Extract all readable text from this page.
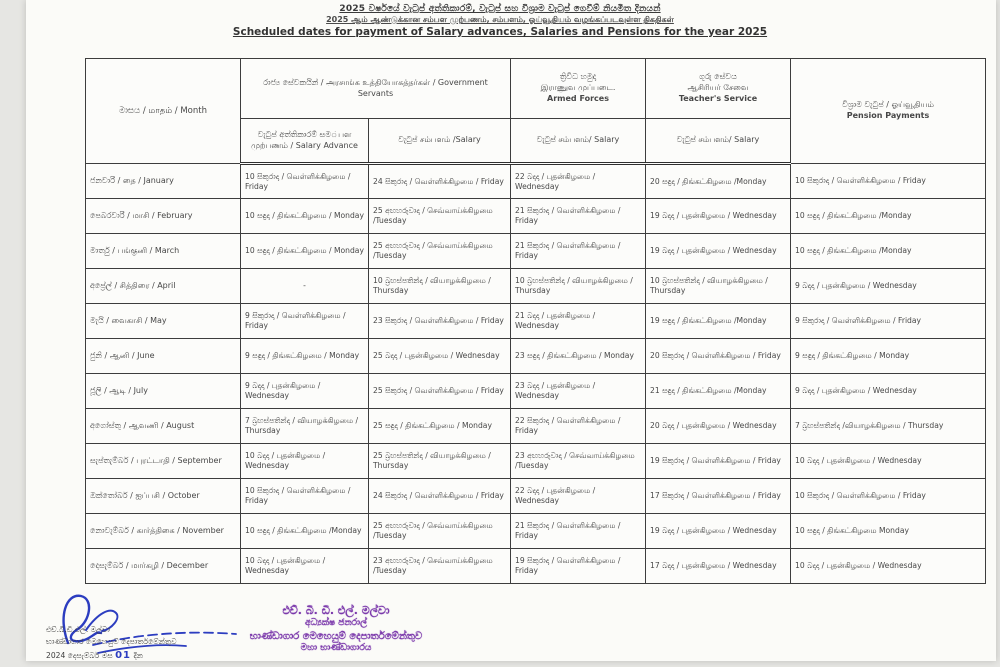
2025 වර්ෂයේ වැටුප් අත්තිකාරම්, වැටුප් සහ විශ්‍රාම වැටුප් ගෙවීම් නියමිත දිනයන්
2025 ஆம் ஆண்டுக்கான சம்பள முற்பணம், சம்பளம், ஓய்வூதியம் வழங்கப்படவுள்ள திகதிகள்
Scheduled dates for payment of Salary advances, Salaries and Pensions for the year 2025
මාසය / மாதம் / Month	රාජ්‍ය සේවකයින් / அரசாங்க உத்தியோகத்தர்கள் / Government Servants		ත්‍රිවිධ හමුදා
இராணுவ முப்படை.
Armed Forces	ගුරු සේවය
ஆசிரியர் சேவை
Teacher's Service	විශ්‍රාම වැටුප් / ஓய்வூதியம்
Pension Payments

	වැටුප් අත්තිකාරම් සම்பள முற்பணம் / Salary Advance	වැටුප් சம்பளம் /Salary	වැටුප් சம்பளம்/ Salary	වැටුප් சம்பளம்/ Salary	
ජනවාරි / தை / January	10 සිකුරාදා / வெள்ளிக்கிழமை / Friday	24 සිකුරාදා / வெள்ளிக்கிழமை / Friday	22 බදාදා / புதன்கிழமை / Wednesday	20 සඳුදා / திங்கட்கிழமை /Monday	10 සිකුරාදා / வெள்ளிக்கிழமை / Friday
පෙබරවාරි / மாசி / February	10 සඳුදා / திங்கட்கிழமை / Monday	25 අඟහරුවාදා / செவ்வாய்க்கிழமை /Tuesday	21 සිකුරාදා / வெள்ளிக்கிழமை / Friday	19 බදාදා / புதன்கிழமை / Wednesday	10 සඳුදා / திங்கட்கிழமை /Monday
මාර්තු / பங்குனி / March	10 සඳුදා / திங்கட்கிழமை / Monday	25 අඟහරුවාදා / செவ்வாய்க்கிழமை /Tuesday	21 සිකුරාදා / வெள்ளிக்கிழமை / Friday	19 බදාදා / புதன்கிழமை / Wednesday	10 සඳුදා / திங்கட்கிழமை /Monday
අප්‍රේල් / சித்திரை / April	-	10 බ්‍රහස්පතින්දා / வியாழக்கிழமை / Thursday	10 බ්‍රහස්පතින්දා / வியாழக்கிழமை / Thursday	10 බ්‍රහස්පතින්දා / வியாழக்கிழமை / Thursday	9 බදාදා / புதன்கிழமை / Wednesday
මැයි / வைகாசி / May	9 සිකුරාදා / வெள்ளிக்கிழமை / Friday	23 සිකුරාදා / வெள்ளிக்கிழமை / Friday	21 බදාදා / புதன்கிழமை / Wednesday	19 සඳුදා / திங்கட்கிழமை /Monday	9 සිකුරාදා / வெள்ளிக்கிழமை / Friday
ජුනි / ஆனி / June	9 සඳුදා / திங்கட்கிழமை / Monday	25 බදාදා / புதன்கிழமை / Wednesday	23 සඳුදා / திங்கட்கிழமை / Monday	20 සිකුරාදා / வெள்ளிக்கிழமை / Friday	9 සඳුදා / திங்கட்கிழமை / Monday
ජූලි / ஆடி / July	9 බදාදා / புதன்கிழமை / Wednesday	25 සිකුරාදා / வெள்ளிக்கிழமை / Friday	23 බදාදා / புதன்கிழமை / Wednesday	21 සඳුදා / திங்கட்கிழமை /Monday	9 බදාදා / புதன்கிழமை / Wednesday
අගෝස්තු / ஆவணி / August	7 බ්‍රහස්පතින්දා / வியாழக்கிழமை / Thursday	25 සඳුදා / திங்கட்கிழமை / Monday	22 සිකුරාදා / வெள்ளிக்கிழமை / Friday	20 බදාදා / புதன்கிழமை / Wednesday	7 බ්‍රහස්පතින්දා /வியாழக்கிழமை / Thursday
සැප්තැම්බර් / புரட்டாதி / September	10 බදාදා / புதன்கிழமை / Wednesday	25 බ්‍රහස්පතින්දා / வியாழக்கிழமை / Thursday	23 අඟහරුවාදා / செவ்வாய்க்கிழமை /Tuesday	19 සිකුරාදා / வெள்ளிக்கிழமை / Friday	10 බදාදා / புதன்கிழமை / Wednesday
ඔක්තෝබර් / ஐப்பசி / October	10 සිකුරාදා / வெள்ளிக்கிழமை / Friday	24 සිකුරාදා / வெள்ளிக்கிழமை / Friday	22 බදාදා / புதன்கிழமை / Wednesday	17 සිකුරාදා / வெள்ளிக்கிழமை / Friday	10 සිකුරාදා / வெள்ளிக்கிழமை / Friday
නොවැම්බර් / கார்த்திகை / November	10 සඳුදා / திங்கட்கிழமை /Monday	25 අඟහරුවාදා / செவ்வாய்க்கிழமை /Tuesday	21 සිකුරාදා / வெள்ளிக்கிழமை / Friday	19 බදාදා / புதன்கிழமை / Wednesday	10 සඳුදා / திங்கட்கிழமை Monday
දෙසැම්බර් / மார்கழி / December	10 බදාදා / புதன்கிழமை / Wednesday	23 අඟහරුවාදා / செவ்வாய்க்கிழமை /Tuesday	19 සිකුරාදා / வெள்ளிக்கிழமை / Friday	17 බදාදා / புதன்கிழமை / Wednesday	10 බදාදා / புதன்கிழமை / Wednesday
එච්.බී.ඩී.එල්. මල්වා
භාණ්ඩාගාර මෙහෙයුම් දෙපාර්තමේන්තුව
2024 දෙසැම්බර් මස 01 දින
එච්. බී. ඩී. එල්. මල්වා
අධ්‍යක්ෂ ජනරාල්
භාණ්ඩාගාර මෙහෙයුම් දෙපාර්තමේන්තුව
මහා භාණ්ඩාගාරය
